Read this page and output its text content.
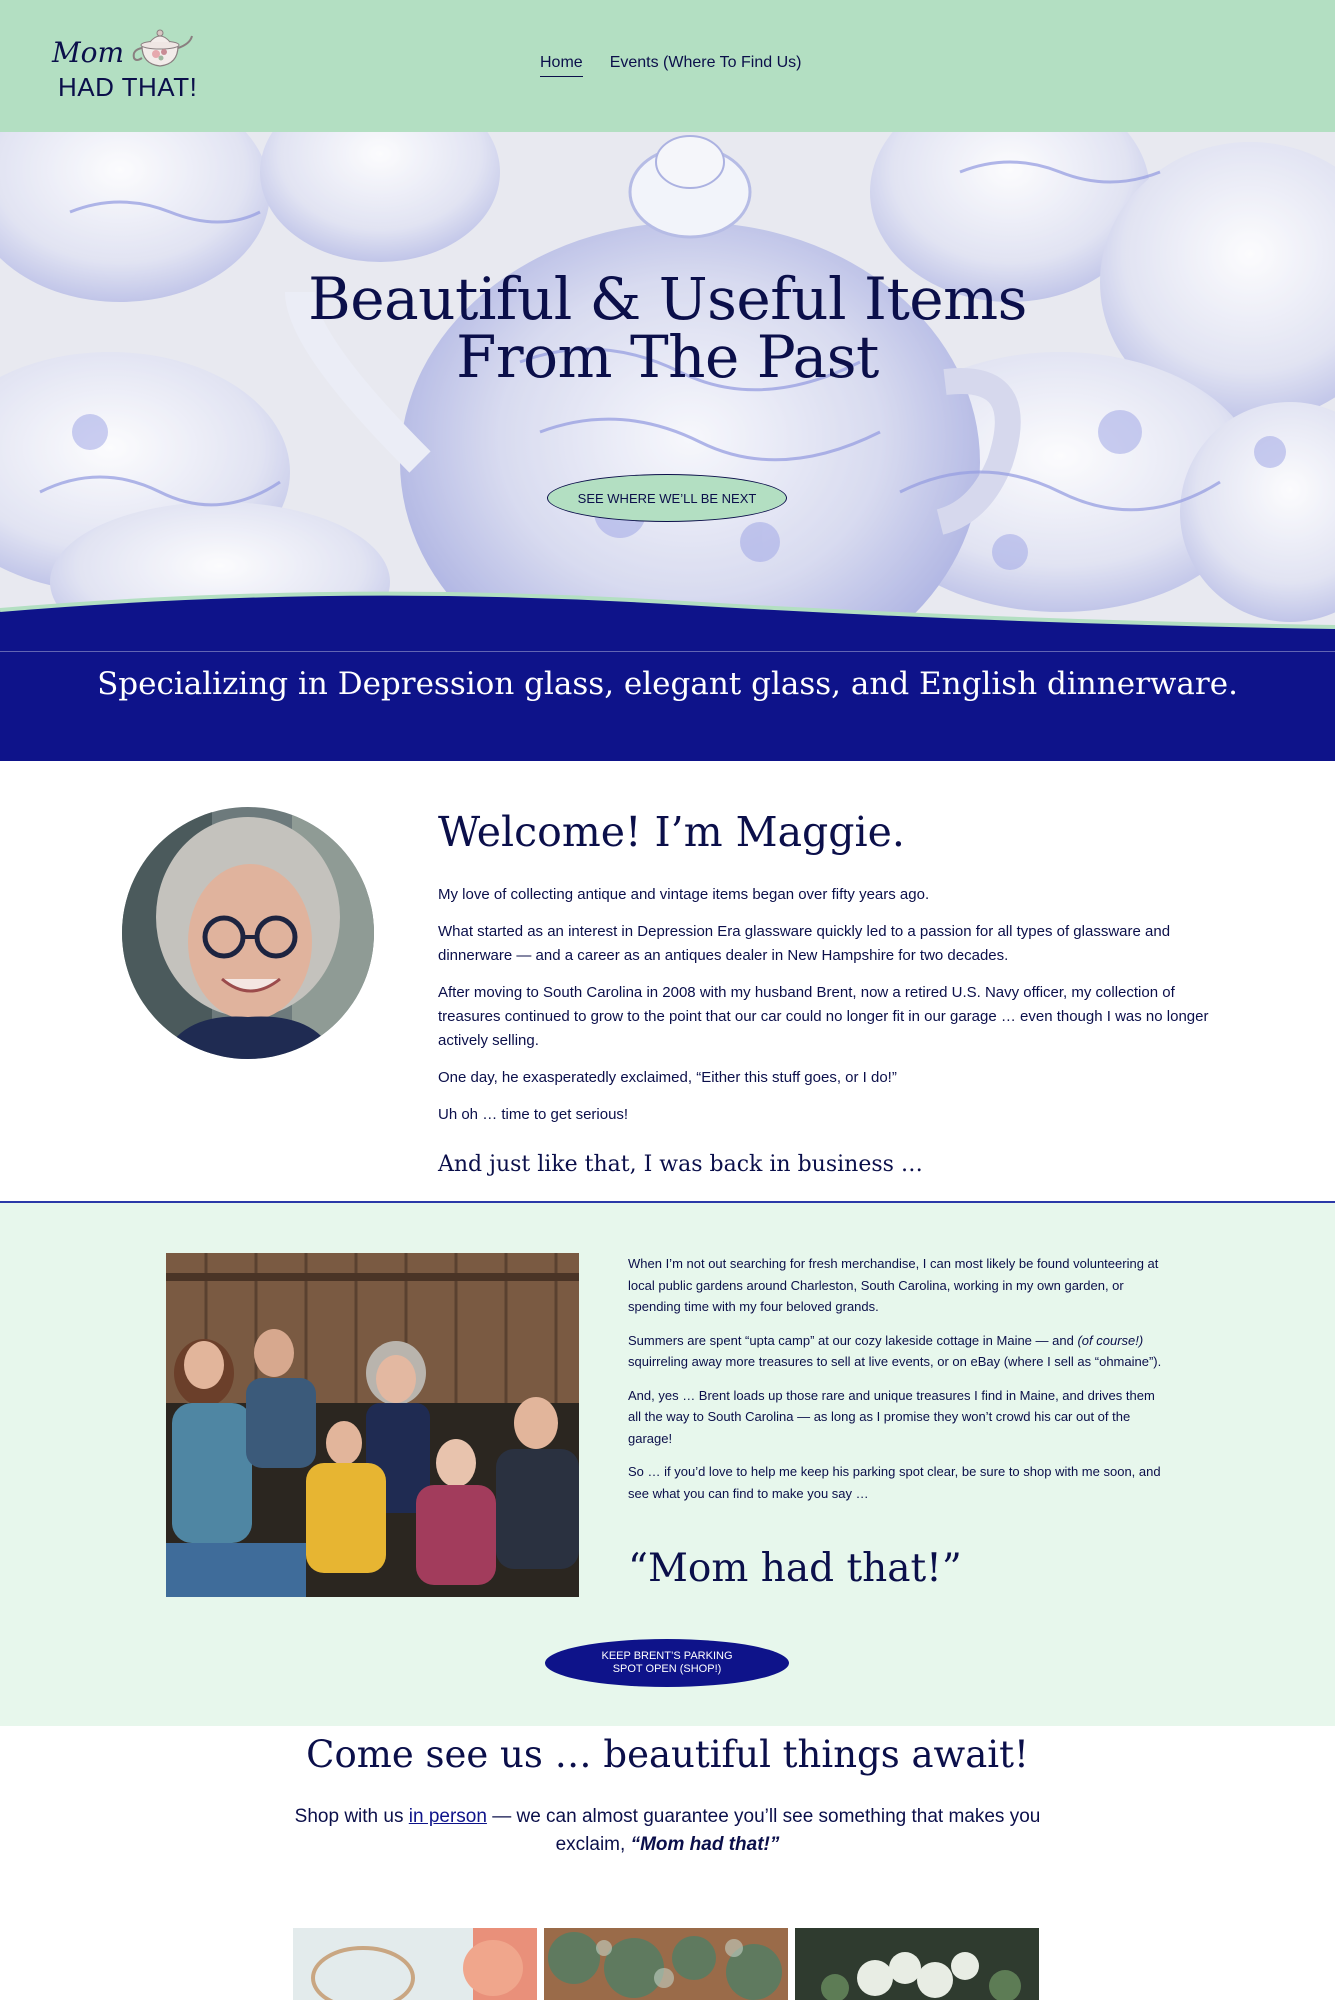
Mom
HAD THAT!
Home Events (Where To Find Us)
Beautiful & Useful Items
From The Past
SEE WHERE WE’LL BE NEXT
Specializing in Depression glass, elegant glass, and English dinnerware.
Welcome! I’m Maggie.

My love of collecting antique and vintage items began over fifty years ago.

What started as an interest in Depression Era glassware quickly led to a passion for all types of glassware and dinnerware — and a career as an antiques dealer in New Hampshire for two decades.

After moving to South Carolina in 2008 with my husband Brent, now a retired U.S. Navy officer, my collection of treasures continued to grow to the point that our car could no longer fit in our garage … even though I was no longer actively selling.

One day, he exasperatedly exclaimed, “Either this stuff goes, or I do!”

Uh oh … time to get serious!

And just like that, I was back in business …

When I’m not out searching for fresh merchandise, I can most likely be found volunteering at local public gardens around Charleston, South Carolina, working in my own garden, or spending time with my four beloved grands.

Summers are spent “upta camp” at our cozy lakeside cottage in Maine — and (of course!) squirreling away more treasures to sell at live events, or on eBay (where I sell as “ohmaine”).

And, yes … Brent loads up those rare and unique treasures I find in Maine, and drives them all the way to South Carolina — as long as I promise they won’t crowd his car out of the garage!

So … if you’d love to help me keep his parking spot clear, be sure to shop with me soon, and see what you can find to make you say …

“Mom had that!”
KEEP BRENT’S PARKING SPOT OPEN (SHOP!)
Come see us … beautiful things await!
Shop with us in person — we can almost guarantee you’ll see something that makes you exclaim, “Mom had that!”
